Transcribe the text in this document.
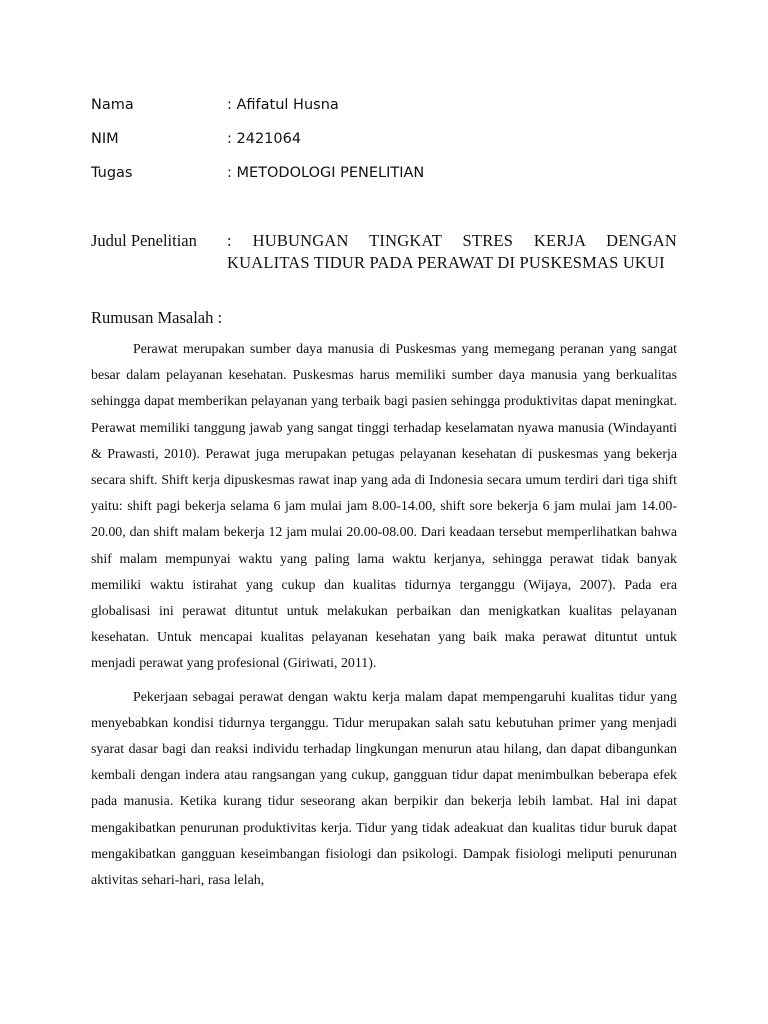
Nama	: Afifatul Husna
NIM	: 2421064
Tugas	: METODOLOGI PENELITIAN
Judul Penelitian : HUBUNGAN TINGKAT STRES KERJA DENGAN KUALITAS TIDUR PADA PERAWAT DI PUSKESMAS UKUI
Rumusan Masalah :

Perawat merupakan sumber daya manusia di Puskesmas yang memegang peranan yang sangat besar dalam pelayanan kesehatan. Puskesmas harus memiliki sumber daya manusia yang berkualitas sehingga dapat memberikan pelayanan yang terbaik bagi pasien sehingga produktivitas dapat meningkat. Perawat memiliki tanggung jawab yang sangat tinggi terhadap keselamatan nyawa manusia (Windayanti & Prawasti, 2010). Perawat juga merupakan petugas pelayanan kesehatan di puskesmas yang bekerja secara shift. Shift kerja dipuskesmas rawat inap yang ada di Indonesia secara umum terdiri dari tiga shift yaitu: shift pagi bekerja selama 6 jam mulai jam 8.00-14.00, shift sore bekerja 6 jam mulai jam 14.00-20.00, dan shift malam bekerja 12 jam mulai 20.00-08.00. Dari keadaan tersebut memperlihatkan bahwa shif malam mempunyai waktu yang paling lama waktu kerjanya, sehingga perawat tidak banyak memiliki waktu istirahat yang cukup dan kualitas tidurnya terganggu (Wijaya, 2007). Pada era globalisasi ini perawat dituntut untuk melakukan perbaikan dan menigkatkan kualitas pelayanan kesehatan. Untuk mencapai kualitas pelayanan kesehatan yang baik maka perawat dituntut untuk menjadi perawat yang profesional (Giriwati, 2011).

Pekerjaan sebagai perawat dengan waktu kerja malam dapat mempengaruhi kualitas tidur yang menyebabkan kondisi tidurnya terganggu. Tidur merupakan salah satu kebutuhan primer yang menjadi syarat dasar bagi dan reaksi individu terhadap lingkungan menurun atau hilang, dan dapat dibangunkan kembali dengan indera atau rangsangan yang cukup, gangguan tidur dapat menimbulkan beberapa efek pada manusia. Ketika kurang tidur seseorang akan berpikir dan bekerja lebih lambat. Hal ini dapat mengakibatkan penurunan produktivitas kerja. Tidur yang tidak adeakuat dan kualitas tidur buruk dapat mengakibatkan gangguan keseimbangan fisiologi dan psikologi. Dampak fisiologi meliputi penurunan aktivitas sehari-hari, rasa lelah,
